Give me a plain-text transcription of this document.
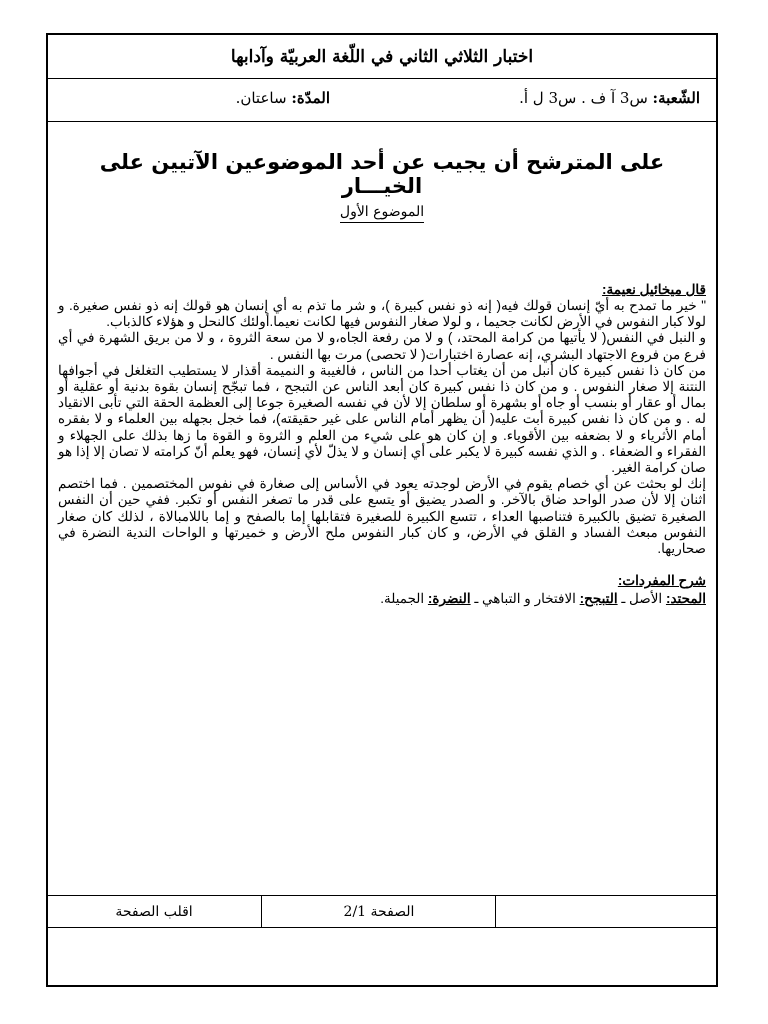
اختبار الثلاثي الثاني في اللّغة العربيّة وآدابها
الشّعبة: س3 آ ف . س3 ل أ.
المدّة: ساعتان.
على المترشح أن يجيب عن أحد الموضوعين الآتيين على الخيـــار
الموضوع الأول
قال ميخائيل نعيمة:

" خير ما تمدح به أيّ إنسان قولك فيه( إنه ذو نفس كبيرة )، و شر ما تذم به أي إنسان هو قولك إنه ذو نفس صغيرة. و لولا كبار النفوس في الأرض لكانت جحيما ، و لولا صغار النفوس فيها لكانت نعيما.أولئك كالنحل و هؤلاء كالذباب.

و النبل في النفس( لا يأتيها من كرامة المحتد، ) و لا من رفعة الجاه،و لا من سعة الثروة ، و لا من بريق الشهرة في أي فرع من فروع الاجتهاد البشري، إنه عصارة اختبارات( لا تحصى) مرت بها النفس .

من كان ذا نفس كبيرة كان أنبل من أن يغتاب أحدا من الناس ، فالغيبة و النميمة أقذار لا يستطيب التغلغل في أجوافها النتنة إلا صغار النفوس . و من كان ذا نفس كبيرة كان أبعد الناس عن التبجح ، فما تبجّح إنسان بقوة بدنية أو عقلية أو بمال أو عقار أو بنسب أو جاه أو بشهرة أو سلطان إلا لأن في نفسه الصغيرة جوعا إلى العظمة الحقة التي تأبى الانقياد له . و من كان ذا نفس كبيرة أبت عليه( أن يظهر أمام الناس على غير حقيقته)، فما خجل بجهله بين العلماء و لا بفقره أمام الأثرياء و لا بضعفه بين الأقوياء. و إن كان هو على شيء من العلم و الثروة و القوة ما زها بذلك على الجهلاء و الفقراء و الضعفاء . و الذي نفسه كبيرة لا يكبر على أي إنسان و لا يذلّ لأي إنسان، فهو يعلم أنّ كرامته لا تصان إلا إذا هو صان كرامة الغير.

إنك لو بحثت عن أي خصام يقوم في الأرض لوجدته يعود في الأساس إلى صغارة في نفوس المختصمين . فما اختصم اثنان إلا لأن صدر الواحد ضاق بالآخر. و الصدر يضيق أو يتسع على قدر ما تصغر النفس أو تكبر. ففي حين أن النفس الصغيرة تضيق بالكبيرة فتناصبها العداء ، تتسع الكبيرة للصغيرة فتقابلها إما بالصفح و إما باللامبالاة ، لذلك كان صغار النفوس مبعث الفساد و القلق في الأرض، و كان كبار النفوس ملح الأرض و خميرتها و الواحات الندية النضرة في صحاريها.

شرح المفردات:
المحتد: الأصل ـ التبجح: الافتخار و التباهي ـ النضرة: الجميلة.
الصفحة 2/1
اقلب الصفحة
